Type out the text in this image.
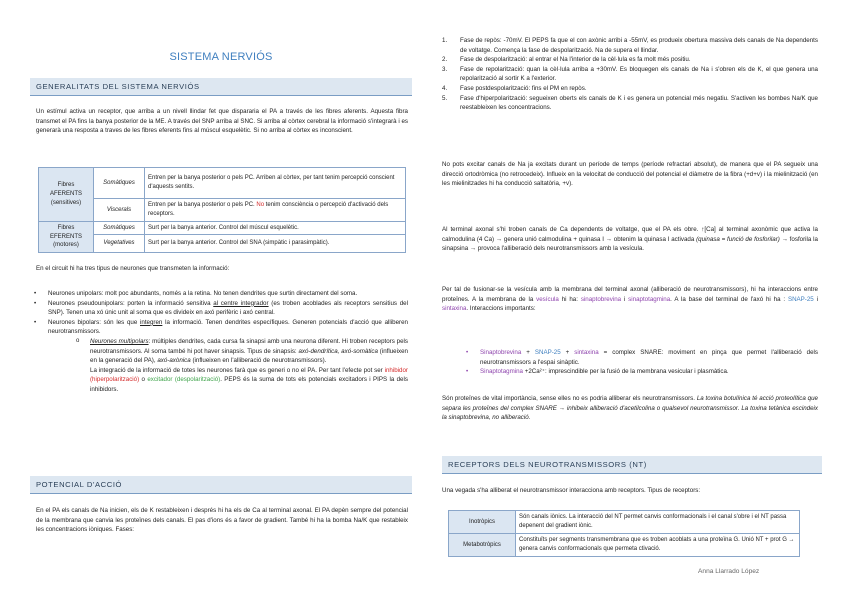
SISTEMA NERVIÓS
GENERALITATS DEL SISTEMA NERVIÓS

Un estímul activa un receptor, que arriba a un nivell llindar fet que dispararia el PA a través de les fibres aferents. Aquesta fibra transmet el PA fins la banya posterior de la ME. A través del SNP arriba al SNC. Si arriba al còrtex cerebral la informació s'integrarà i es generarà una resposta a traves de les fibres eferents fins al múscul esquelètic. Si no arriba al còrtex es inconscient.

Fibres AFERENTS (sensitives)	Somàtiques	Entren per la banya posterior o pels PC. Arriben al còrtex, per tant tenim percepció conscient d'aquests sentits.
	Viscerals	Entren per la banya posterior o pels PC. No tenim consciència o percepció d'activació dels receptors.
Fibres EFERENTS (motores)	Somàtiques	Surt per la banya anterior. Control del múscul esquelètic.
	Vegetatives	Surt per la banya anterior. Control del SNA (simpàtic i parasimpàtic).

En el circuit hi ha tres tipus de neurones que transmeten la informació:

• Neurones unipolars: molt poc abundants, només a la retina. No tenen dendrites que surtin directament del soma.
• Neurones pseudounipolars: porten la informació sensitiva al centre integrador (es troben acoblades als receptors sensitius del SNP). Tenen una xó únic unit al soma que es divideix en axó perifèric i axó central.
• Neurones bipolars: són les que integren la informació. Tenen dendrites específiques. Generen potencials d'acció que alliberen neurotransmissors.
o Neurones multipolars: múltiples dendrites, cada cursa fa sinapsi amb una neurona diferent. Hi troben receptors pels neurotransmissors. Al soma també hi pot haver sinapsis. Tipus de sinapsis: axó-dendrítica, axó-somàtica (influeixen en la generació del PA), axó-axònica (influeixen en l'alliberació de neurotransmissors).
La integració de la informació de totes les neurones farà que es generi o no el PA. Per tant l'efecte pot ser inhibidor (hiperpolarització) o excitador (despolarització). PEPS és la suma de tots els potencials excitadors i PIPS la dels inhibidors.
POTENCIAL D'ACCIÓ

En el PA els canals de Na inicien, els de K restableixen i després hi ha els de Ca al terminal axonal. El PA depèn sempre del potencial de la membrana que canvia les proteïnes dels canals. El pas d'ions és a favor de gradient. També hi ha la bomba Na/K que restableix les concentracions iòniques. Fases:

1. Fase de repòs: -70mV. El PEPS fa que el con axònic arribi a -55mV, es produeix obertura massiva dels canals de Na dependents de voltatge. Comença la fase de despolarització. Na de supera el llindar.
2. Fase de despolarització: al entrar el Na l'interior de la cèl·lula es fa molt més positiu.
3. Fase de repolarització: quan la cèl·lula arriba a +30mV. Es bloquegen els canals de Na i s'obren els de K, el que genera una repolarització al sortir K a l'exterior.
4. Fase postdespolarització: fins el PM en repòs.
5. Fase d'hiperpolarització: segueixen oberts els canals de K i es genera un potencial més negatiu. S'activen les bombes Na/K que reestableixen les concentracions.

No pots excitar canals de Na ja excitats durant un període de temps (període refractari absolut), de manera que el PA segueix una direcció ortodròmica (no retrocedeix). Influeix en la velocitat de conducció del potencial el diàmetre de la fibra (+d+v) i la mielinització (en les mielinitzades hi ha conducció saltatòria, +v).

Al terminal axonal s'hi troben canals de Ca dependents de voltatge, que el PA els obre. ↑[Ca] al terminal axonòmic que activa la calmodulina (4 Ca) → genera unió calmodulina + quinasa I → obtenim la quinasa I activada (quinasa = funció de fosforilar) → fosforila la sinapsina → provoca l'alliberació dels neurotransmissors amb la vesícula.

Per tal de fusionar-se la vesícula amb la membrana del terminal axonal (alliberació de neurotransmissors), hi ha interaccions entre proteïnes. A la membrana de la vesícula hi ha: sinaptobrevina i sinaptotagmina. A la base del terminal de l'axó hi ha : SNAP-25 i sintaxina. Interaccions importants:

• Sinaptobrevina + SNAP-25 + sintaxina = complex SNARE: moviment en pinça que permet l'alliberació dels neurotransmissors a l'espai sinàptic.
• Sinaptotagmina +2Ca²⁺: imprescindible per la fusió de la membrana vesicular i plasmàtica.

Són proteïnes de vital importància, sense elles no es podria alliberar els neurotransmissors. La toxina botulínica té acció proteolítica que separa les proteïnes del complex SNARE → inhibeix alliberació d'acetilcolina o qualsevol neurotransmissor. La toxina tetànica escindeix la sinaptobrevina, no alliberació.

RECEPTORS DELS NEUROTRANSMISSORS (NT)

Una vegada s'ha alliberat el neurotransmissor interacciona amb receptors. Tipus de receptors:

Inotròpics	Són canals iònics. La interacció del NT permet canvis conformacionals i el canal s'obre i el NT passa depenent del gradient iònic.
Metabotròpics	Constituïts per segments transmembrana que es troben acoblats a una proteïna G. Unió NT + prot G → genera canvis conformacionals que permeta ctivació.
Anna Llarrado López
